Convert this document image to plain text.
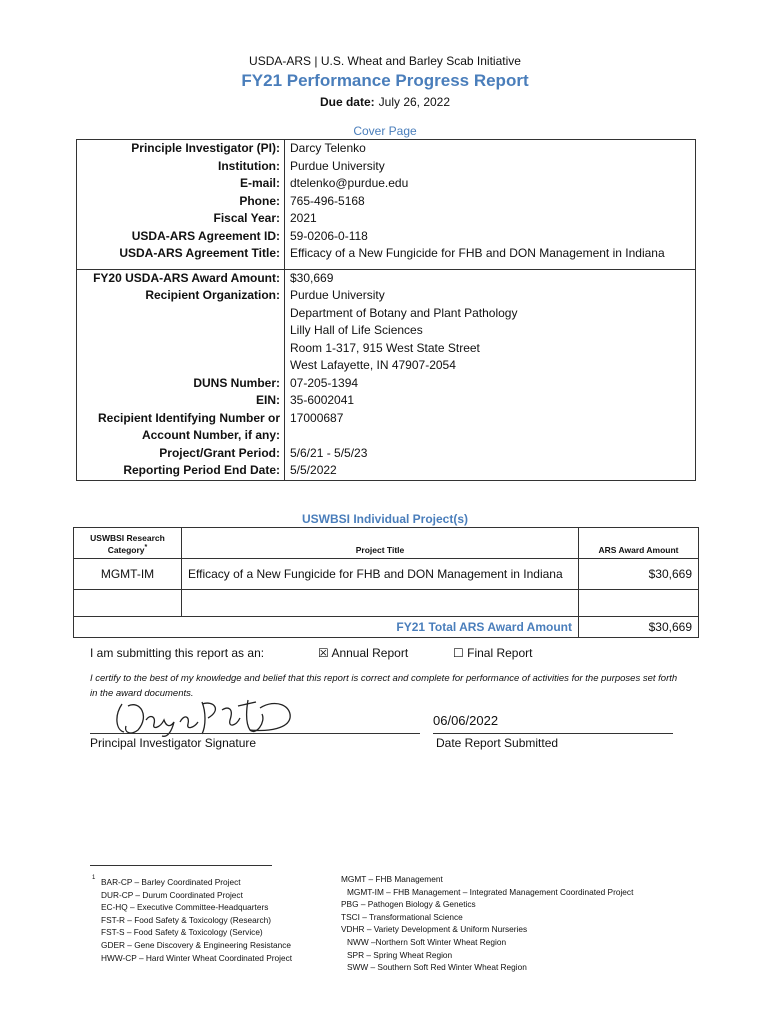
USDA-ARS | U.S. Wheat and Barley Scab Initiative
FY21 Performance Progress Report
Due date: July 26, 2022
Cover Page
Principle Investigator (PI): Darcy Telenko
Institution: Purdue University
E-mail: dtelenko@purdue.edu
Phone: 765-496-5168
Fiscal Year: 2021
USDA-ARS Agreement ID: 59-0206-0-118
USDA-ARS Agreement Title: Efficacy of a New Fungicide for FHB and DON Management in Indiana
FY20 USDA-ARS Award Amount: $30,669
Recipient Organization: Purdue University
Department of Botany and Plant Pathology
Lilly Hall of Life Sciences
Room 1-317, 915 West State Street
West Lafayette, IN 47907-2054
DUNS Number: 07-205-1394
EIN: 35-6002041
Recipient Identifying Number or
Account Number, if any:
17000687
Project/Grant Period: 5/6/21 - 5/5/23
Reporting Period End Date: 5/5/2022
USWBSI Individual Project(s)
USWBSI Research
Category*	Project Title	ARS Award Amount
MGMT-IM	Efficacy of a New Fungicide for FHB and DON Management in Indiana	$30,669

FY21 Total ARS Award Amount		$30,669
I am submitting this report as an:	☒ Annual Report	☐ Final Report
I certify to the best of my knowledge and belief that this report is correct and complete for performance of activities for the purposes set forth in the award documents.
06/06/2022
Principal Investigator Signature	Date Report Submitted
1 BAR-CP – Barley Coordinated Project
DUR-CP – Durum Coordinated Project
EC-HQ – Executive Committee-Headquarters
FST-R – Food Safety & Toxicology (Research)
FST-S – Food Safety & Toxicology (Service)
GDER – Gene Discovery & Engineering Resistance
HWW-CP – Hard Winter Wheat Coordinated Project
MGMT – FHB Management
MGMT-IM – FHB Management – Integrated Management Coordinated Project
PBG – Pathogen Biology & Genetics
TSCI – Transformational Science
VDHR – Variety Development & Uniform Nurseries
NWW –Northern Soft Winter Wheat Region
SPR – Spring Wheat Region
SWW – Southern Soft Red Winter Wheat Region
